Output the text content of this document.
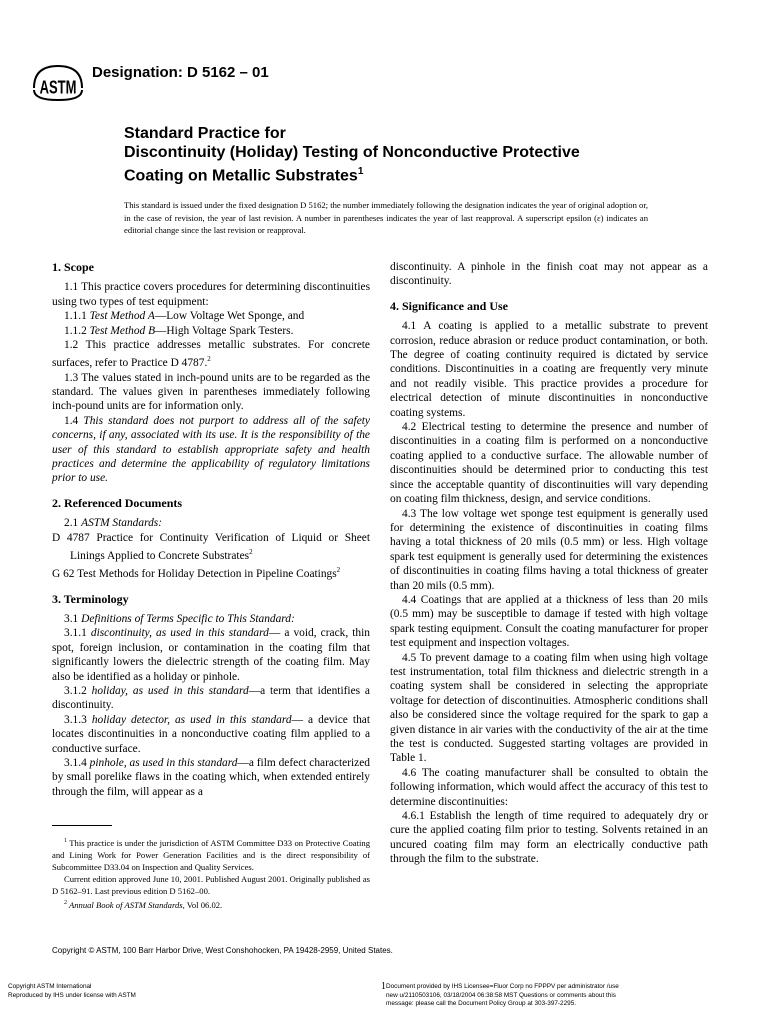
ASTM
Designation: D 5162 – 01
Standard Practice for
Discontinuity (Holiday) Testing of Nonconductive Protective
Coating on Metallic Substrates$^1$
This standard is issued under the fixed designation D 5162; the number immediately following the designation indicates the year of original adoption or, in the case of revision, the year of last revision. A number in parentheses indicates the year of last reapproval. A superscript epsilon (ε) indicates an editorial change since the last revision or reapproval.
1. Scope

1.1 This practice covers procedures for determining discontinuities using two types of test equipment:

1.1.1 Test Method A—Low Voltage Wet Sponge, and

1.1.2 Test Method B—High Voltage Spark Testers.

1.2 This practice addresses metallic substrates. For concrete surfaces, refer to Practice D 4787.$^2$

1.3 The values stated in inch-pound units are to be regarded as the standard. The values given in parentheses immediately following inch-pound units are for information only.

1.4 This standard does not purport to address all of the safety concerns, if any, associated with its use. It is the responsibility of the user of this standard to establish appropriate safety and health practices and determine the applicability of regulatory limitations prior to use.

2. Referenced Documents

2.1 ASTM Standards:

D 4787 Practice for Continuity Verification of Liquid or Sheet Linings Applied to Concrete Substrates$^2$

G 62 Test Methods for Holiday Detection in Pipeline Coatings$^2$

3. Terminology

3.1 Definitions of Terms Specific to This Standard:

3.1.1 discontinuity, as used in this standard— a void, crack, thin spot, foreign inclusion, or contamination in the coating film that significantly lowers the dielectric strength of the coating film. May also be identified as a holiday or pinhole.

3.1.2 holiday, as used in this standard—a term that identifies a discontinuity.

3.1.3 holiday detector, as used in this standard— a device that locates discontinuities in a nonconductive coating film applied to a conductive surface.

3.1.4 pinhole, as used in this standard—a film defect characterized by small porelike flaws in the coating which, when extended entirely through the film, will appear as a

discontinuity. A pinhole in the finish coat may not appear as a discontinuity.

4. Significance and Use

4.1 A coating is applied to a metallic substrate to prevent corrosion, reduce abrasion or reduce product contamination, or both. The degree of coating continuity required is dictated by service conditions. Discontinuities in a coating are frequently very minute and not readily visible. This practice provides a procedure for electrical detection of minute discontinuities in nonconductive coating systems.

4.2 Electrical testing to determine the presence and number of discontinuities in a coating film is performed on a nonconductive coating applied to a conductive surface. The allowable number of discontinuities should be determined prior to conducting this test since the acceptable quantity of discontinuities will vary depending on coating film thickness, design, and service conditions.

4.3 The low voltage wet sponge test equipment is generally used for determining the existence of discontinuities in coating films having a total thickness of 20 mils (0.5 mm) or less. High voltage spark test equipment is generally used for determining the existences of discontinuities in coating films having a total thickness of greater than 20 mils (0.5 mm).

4.4 Coatings that are applied at a thickness of less than 20 mils (0.5 mm) may be susceptible to damage if tested with high voltage spark testing equipment. Consult the coating manufacturer for proper test equipment and inspection voltages.

4.5 To prevent damage to a coating film when using high voltage test instrumentation, total film thickness and dielectric strength in a coating system shall be considered in selecting the appropriate voltage for detection of discontinuities. Atmospheric conditions shall also be considered since the voltage required for the spark to gap a given distance in air varies with the conductivity of the air at the time the test is conducted. Suggested starting voltages are provided in Table 1.

4.6 The coating manufacturer shall be consulted to obtain the following information, which would affect the accuracy of this test to determine discontinuities:

4.6.1 Establish the length of time required to adequately dry or cure the applied coating film prior to testing. Solvents retained in an uncured coating film may form an electrically conductive path through the film to the substrate.

$^1$ This practice is under the jurisdiction of ASTM Committee D33 on Protective Coating and Lining Work for Power Generation Facilities and is the direct responsibility of Subcommittee D33.04 on Inspection and Quality Services.

Current edition approved June 10, 2001. Published August 2001. Originally published as D 5162–91. Last previous edition D 5162–00.

$^2$ Annual Book of ASTM Standards, Vol 06.02.

Copyright © ASTM, 100 Barr Harbor Drive, West Conshohocken, PA 19428-2959, United States.
Copyright ASTM International
Reproduced by IHS under license with ASTM
1 Document provided by IHS Licensee=Fluor Corp no FPPPV per administrator /use
new u/2110503106, 03/18/2004 06:38:58 MST Questions or comments about this
message: please call the Document Policy Group at 303-397-2295.
